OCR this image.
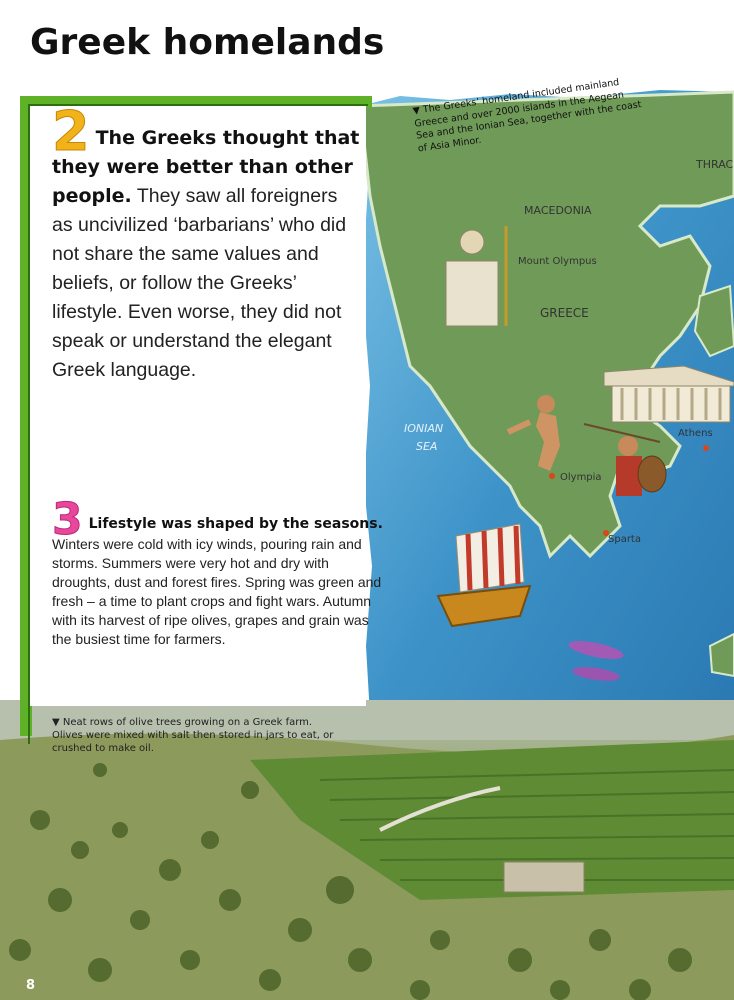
Greek homelands
MACEDONIA
THRAC
Mount Olympus
GREECE
IONIAN
SEA
Athens
Olympia
Sparta
▼ The Greeks’ homeland included mainland Greece and over 2000 islands in the Aegean Sea and the Ionian Sea, together with the coast of Asia Minor.
2 The Greeks thought that they were better than other people. They saw all foreigners as uncivilized ‘barbarians’ who did not share the same values and beliefs, or follow the Greeks’ lifestyle. Even worse, they did not speak or understand the elegant Greek language.
3 Lifestyle was shaped by the seasons. Winters were cold with icy winds, pouring rain and storms. Summers were very hot and dry with droughts, dust and forest fires. Spring was green and fresh – a time to plant crops and fight wars. Autumn with its harvest of ripe olives, grapes and grain was the busiest time for farmers.
▼ Neat rows of olive trees growing on a Greek farm. Olives were mixed with salt then stored in jars to eat, or crushed to make oil.
8
